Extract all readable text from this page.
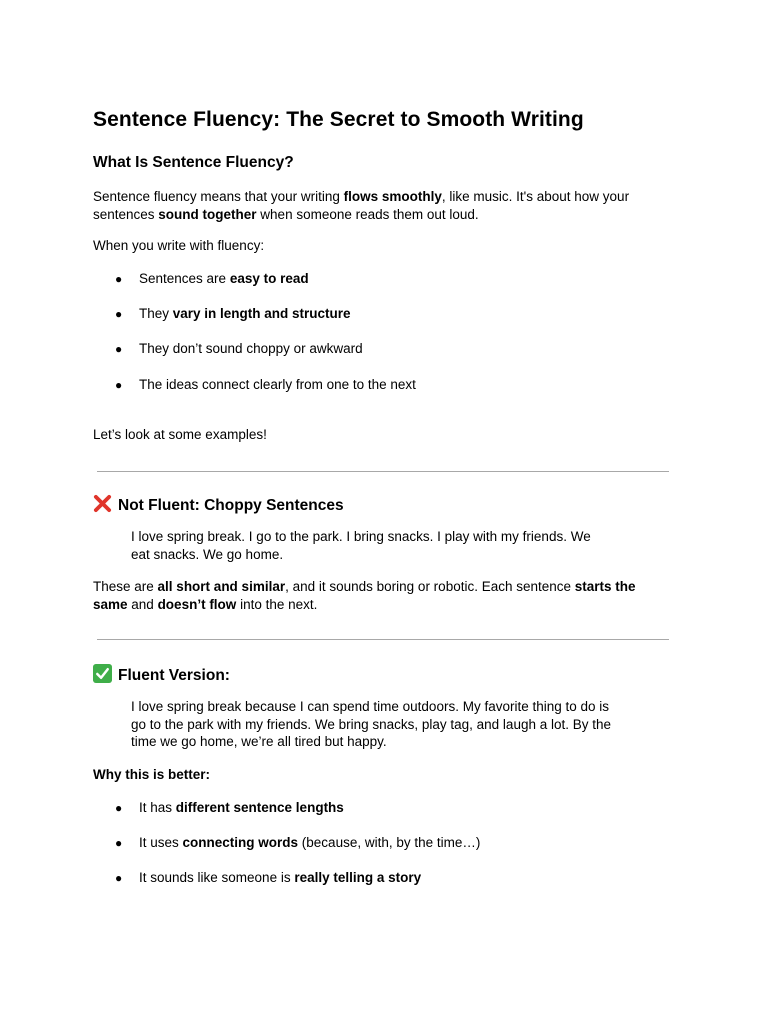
Sentence Fluency: The Secret to Smooth Writing
What Is Sentence Fluency?
Sentence fluency means that your writing flows smoothly, like music. It's about how your
sentences sound together when someone reads them out loud.
When you write with fluency:
● Sentences are easy to read
● They vary in length and structure
● They don’t sound choppy or awkward
● The ideas connect clearly from one to the next
Let’s look at some examples!
Not Fluent: Choppy Sentences
I love spring break. I go to the park. I bring snacks. I play with my friends. We
eat snacks. We go home.
These are all short and similar, and it sounds boring or robotic. Each sentence starts the
same and doesn’t flow into the next.
Fluent Version:
I love spring break because I can spend time outdoors. My favorite thing to do is
go to the park with my friends. We bring snacks, play tag, and laugh a lot. By the
time we go home, we’re all tired but happy.
Why this is better:
● It has different sentence lengths
● It uses connecting words (because, with, by the time…)
● It sounds like someone is really telling a story
